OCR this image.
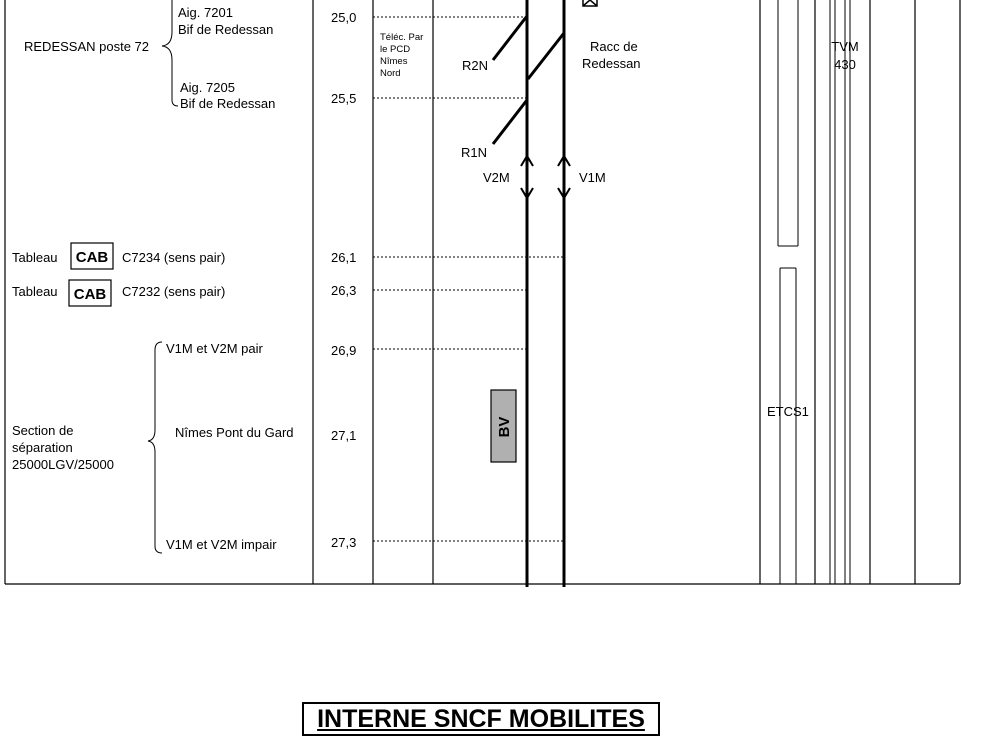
Aig. 7201
Bif de Redessan
REDESSAN poste 72
Aig. 7205
Bif de Redessan
Tableau CAB C7234 (sens pair)
Tableau CAB C7232 (sens pair)
V1M et V2M pair
Section de
séparation
25000LGV/25000
Nîmes Pont du Gard
V1M et V2M impair
25,0
25,5
26,1
26,3
26,9
27,1
27,3
Téléc. Par
le PCD
Nîmes
Nord
R2N
R1N
V2M	V1M
Racc de
Redessan
BV
TVM
430
ETCS1
INTERNE SNCF MOBILITES
